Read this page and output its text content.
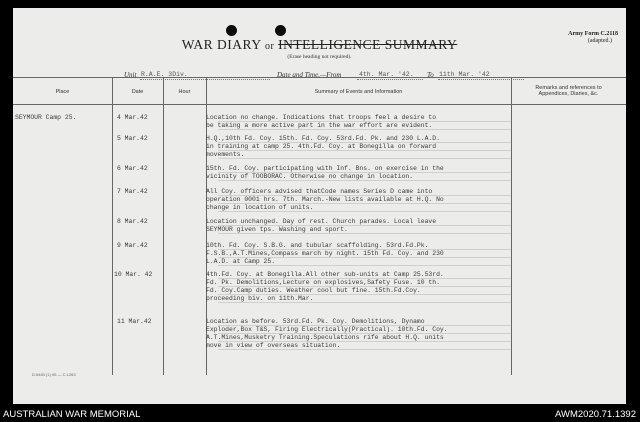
WAR DIARY or INTELLIGENCE SUMMARY
(Erase heading not required).
Army Form C.2118
(adapted.)
Unit R.A.E. 3Div.	Date and Time.—From	4th. Mar. '42. To 11th Mar. '42
Place	Date	Hour	Summary of Events and Information
Remarks and references to
Appendices, Diaries, &c.
SEYMOUR Camp 25.	4 Mar.42	Location no change. Indications that troops feel a desire to
be taking a more active part in the war effort are evident.
5 Mar.42	H.Q.,10th Fd. Coy. 15th. Fd. Coy. 53rd.Fd. Pk. and 230 L.A.D.
in training at camp 25. 4th.Fd. Coy. at Bonegilla on forward
movements.
6 Mar.42	15th. Fd. Coy. participating with Inf. Bns. on exercise in the
vicinity of TOOBORAC. Otherwise no change in location.
7 Mar.42	All Coy. officers advised thatCode names Series D came into
operation 0001 hrs. 7th. March.-New lists available at H.Q. No
change in location of units.
8 Mar.42	Location unchanged. Day of rest. Church parades. Local leave
SEYMOUR given tps. Washing and sport.
9 Mar.42	10th. Fd. Coy. S.B.G. and tubular scaffolding. 53rd.Fd.Pk.
F.S.B.,A.T.Mines,Compass march by night. 15th Fd. Coy. and 230
L.A.D. at Camp 25.
10 Mar. 42	4th.Fd. Coy. at Bonegilla.All other sub-units at Camp 25.53rd.
Fd. Pk. Demolitions,Lecture on explosives,Safety Fuse. 10 th.
Fd. Coy.Camp duties. Weather cool but fine. 15th.Fd.Coy.
proceeding biv. on 11th.Mar.
11 Mar.42	Location as before. 53rd.Fd. Pk. Coy. Demolitions, Dynamo
Exploder,Box T&S, Firing Electrically(Practical). 10th.Fd. Coy.
A.T.Mines,Musketry Training.Speculations rife about H.Q. units
move in view of overseas situation.
D.5483 (1) 95 — C.1263
AUSTRALIAN WAR MEMORIAL	AWM2020.71.1392
